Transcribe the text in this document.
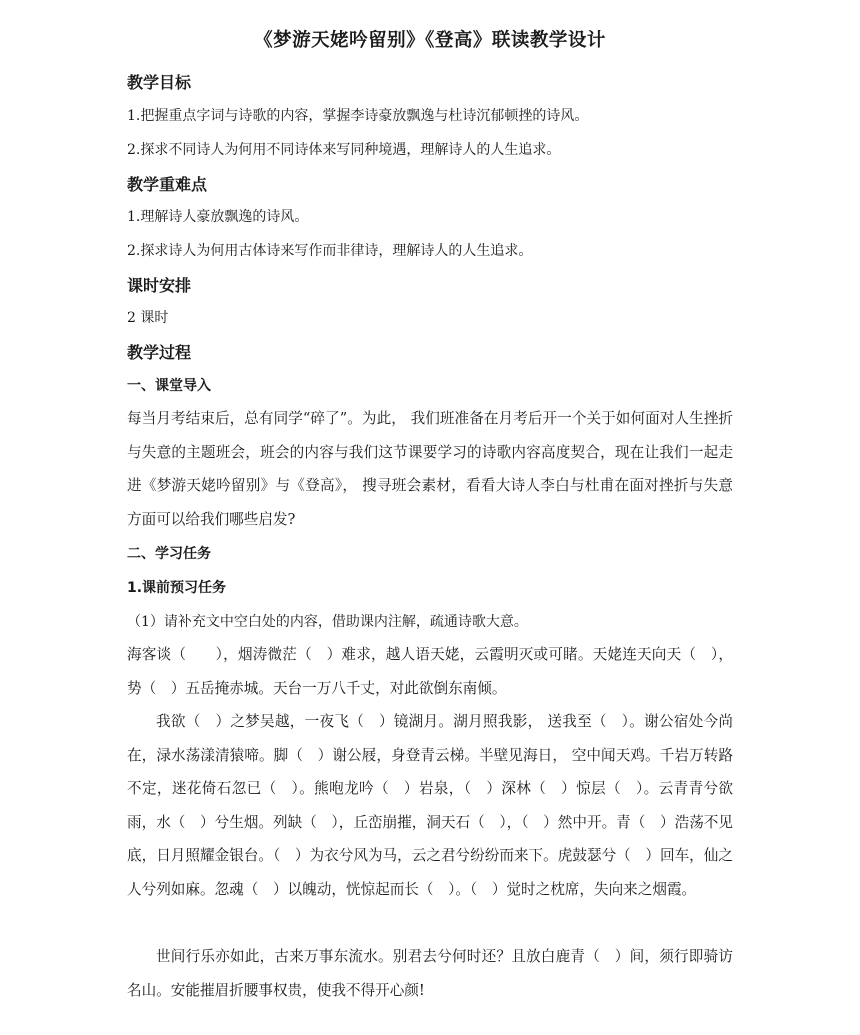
《梦游天姥吟留别》《登高》联读教学设计
教学目标
1.把握重点字词与诗歌的内容，掌握李诗豪放飘逸与杜诗沉郁顿挫的诗风。
2.探求不同诗人为何用不同诗体来写同种境遇，理解诗人的人生追求。
教学重难点
1.理解诗人豪放飘逸的诗风。
2.探求诗人为何用古体诗来写作而非律诗，理解诗人的人生追求。
课时安排
2 课时
教学过程
一、课堂导入
每当月考结束后，总有同学“碎了”。为此， 我们班准备在月考后开一个关于如何面对人生挫折与失意的主题班会，班会的内容与我们这节课要学习的诗歌内容高度契合，现在让我们一起走进《梦游天姥吟留别》与《登高》， 搜寻班会素材，看看大诗人李白与杜甫在面对挫折与失意方面可以给我们哪些启发?
二、学习任务
1.课前预习任务
（1）请补充文中空白处的内容，借助课内注解，疏通诗歌大意。
海客谈（　　），烟涛微茫（　）难求，越人语天姥，云霞明灭或可睹。天姥连天向天（　），势（　）五岳掩赤城。天台一万八千丈，对此欲倒东南倾。
我欲（　）之梦吴越，一夜飞（　）镜湖月。湖月照我影， 送我至（　）。谢公宿处今尚在，渌水荡漾清猿啼。脚（　）谢公屐，身登青云梯。半壁见海日， 空中闻天鸡。千岩万转路不定，迷花倚石忽已（　）。熊咆龙吟（　）岩泉，（　）深林（　）惊层（　）。云青青兮欲雨，水（　）兮生烟。列缺（　），丘峦崩摧，洞天石（　），（　）然中开。青（　）浩荡不见底，日月照耀金银台。（　）为衣兮风为马，云之君兮纷纷而来下。虎鼓瑟兮（　）回车，仙之人兮列如麻。忽魂（　）以魄动，恍惊起而长（　）。（　）觉时之枕席，失向来之烟霞。
世间行乐亦如此，古来万事东流水。别君去兮何时还？且放白鹿青（　）间，须行即骑访名山。安能摧眉折腰事权贵，使我不得开心颜!
